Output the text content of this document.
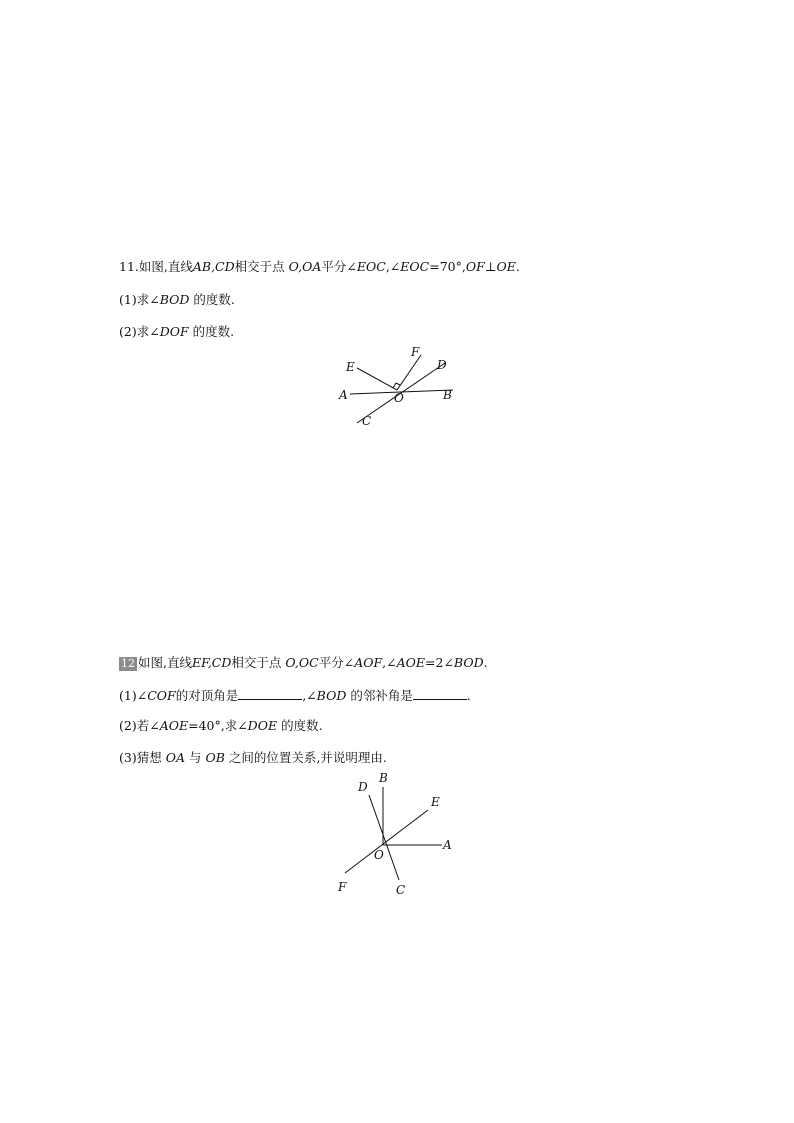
11.如图,直线AB,CD相交于点 O,OA平分∠EOC,∠EOC=70°,OF⊥OE.
(1)求∠BOD 的度数.
(2)求∠DOF 的度数.
E
F
D
A	O	B
C
12 如图,直线EF,CD相交于点 O,OC平分∠AOF,∠AOE=2∠BOD.
(1)∠COF的对顶角是	,∠BOD 的邻补角是	.
(2)若∠AOE=40°,求∠DOE 的度数.
(3)猜想 OA 与 OB 之间的位置关系,并说明理由.
D
B
E
A
O
F	C
